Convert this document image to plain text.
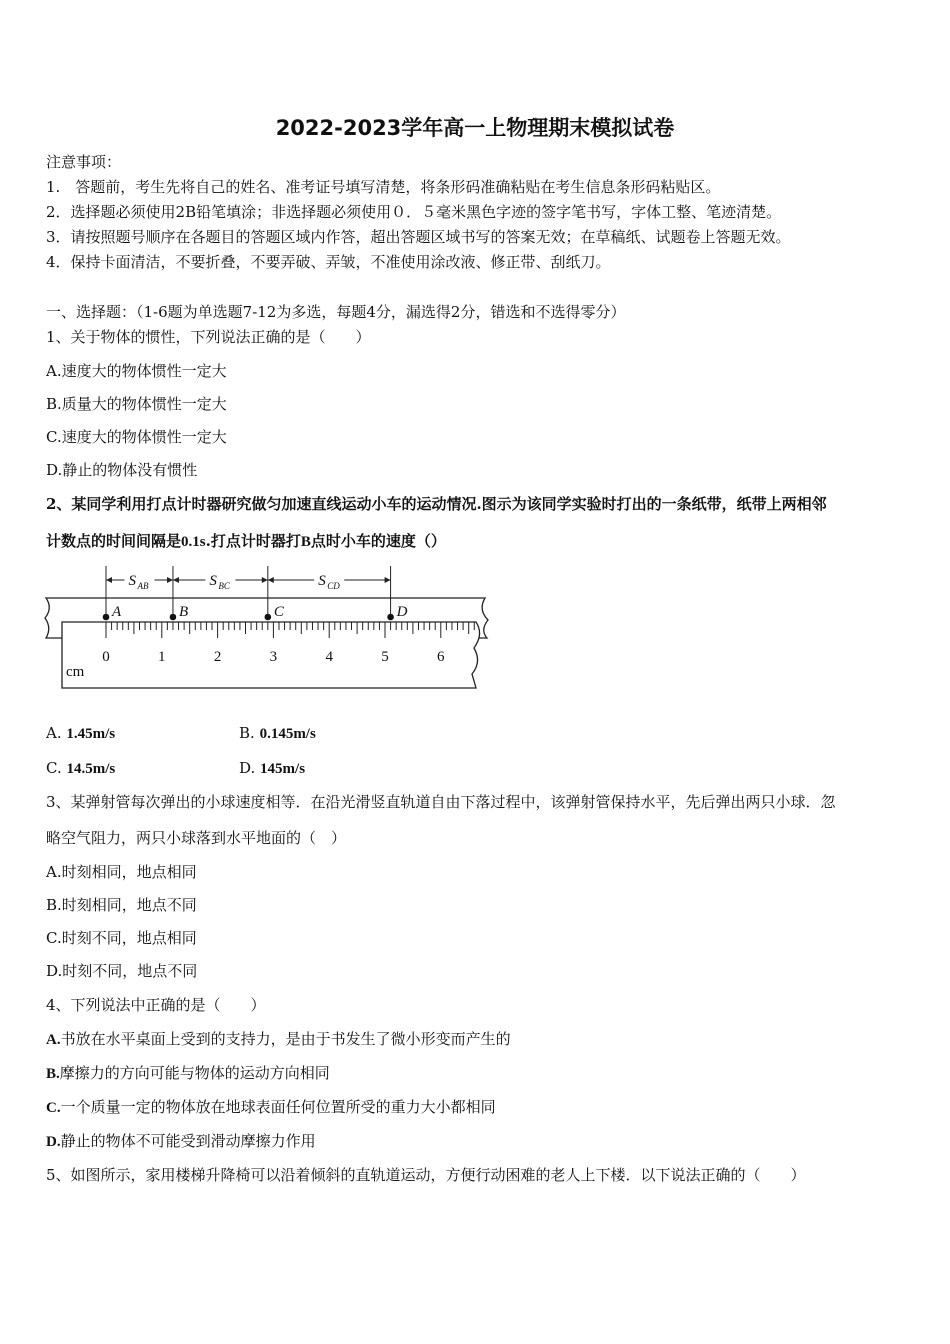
2022-2023学年高一上物理期末模拟试卷
注意事项：
1.　答题前，考生先将自己的姓名、准考证号填写清楚，将条形码准确粘贴在考生信息条形码粘贴区。
2．选择题必须使用2B铅笔填涂；非选择题必须使用０．５毫米黑色字迹的签字笔书写，字体工整、笔迹清楚。
3．请按照题号顺序在各题目的答题区域内作答，超出答题区域书写的答案无效；在草稿纸、试题卷上答题无效。
4．保持卡面清洁，不要折叠，不要弄破、弄皱，不准使用涂改液、修正带、刮纸刀。
一、选择题：（1-6题为单选题7-12为多选，每题4分，漏选得2分，错选和不选得零分）
1、关于物体的惯性，下列说法正确的是（　　）
A.速度大的物体惯性一定大
B.质量大的物体惯性一定大
C.速度大的物体惯性一定大
D.静止的物体没有惯性
2、某同学利用打点计时器研究做匀加速直线运动小车的运动情况.图示为该同学实验时打出的一条纸带，纸带上两相邻
计数点的时间间隔是0.1s.打点计时器打B点时小车的速度（）
0	1	2	3	4	5	6
cm
A	B	C	D
S AB	S BC	S CD
A. 1.45m/s	B. 0.145m/s
C. 14.5m/s	D. 145m/s
3、某弹射管每次弹出的小球速度相等．在沿光滑竖直轨道自由下落过程中，该弹射管保持水平，先后弹出两只小球．忽
略空气阻力，两只小球落到水平地面的（　）
A.时刻相同，地点相同
B.时刻相同，地点不同
C.时刻不同，地点相同
D.时刻不同，地点不同
4、下列说法中正确的是（　　）
A.书放在水平桌面上受到的支持力，是由于书发生了微小形变而产生的
B.摩擦力的方向可能与物体的运动方向相同
C.一个质量一定的物体放在地球表面任何位置所受的重力大小都相同
D.静止的物体不可能受到滑动摩擦力作用
5、如图所示，家用楼梯升降椅可以沿着倾斜的直轨道运动，方便行动困难的老人上下楼．以下说法正确的（　　）
